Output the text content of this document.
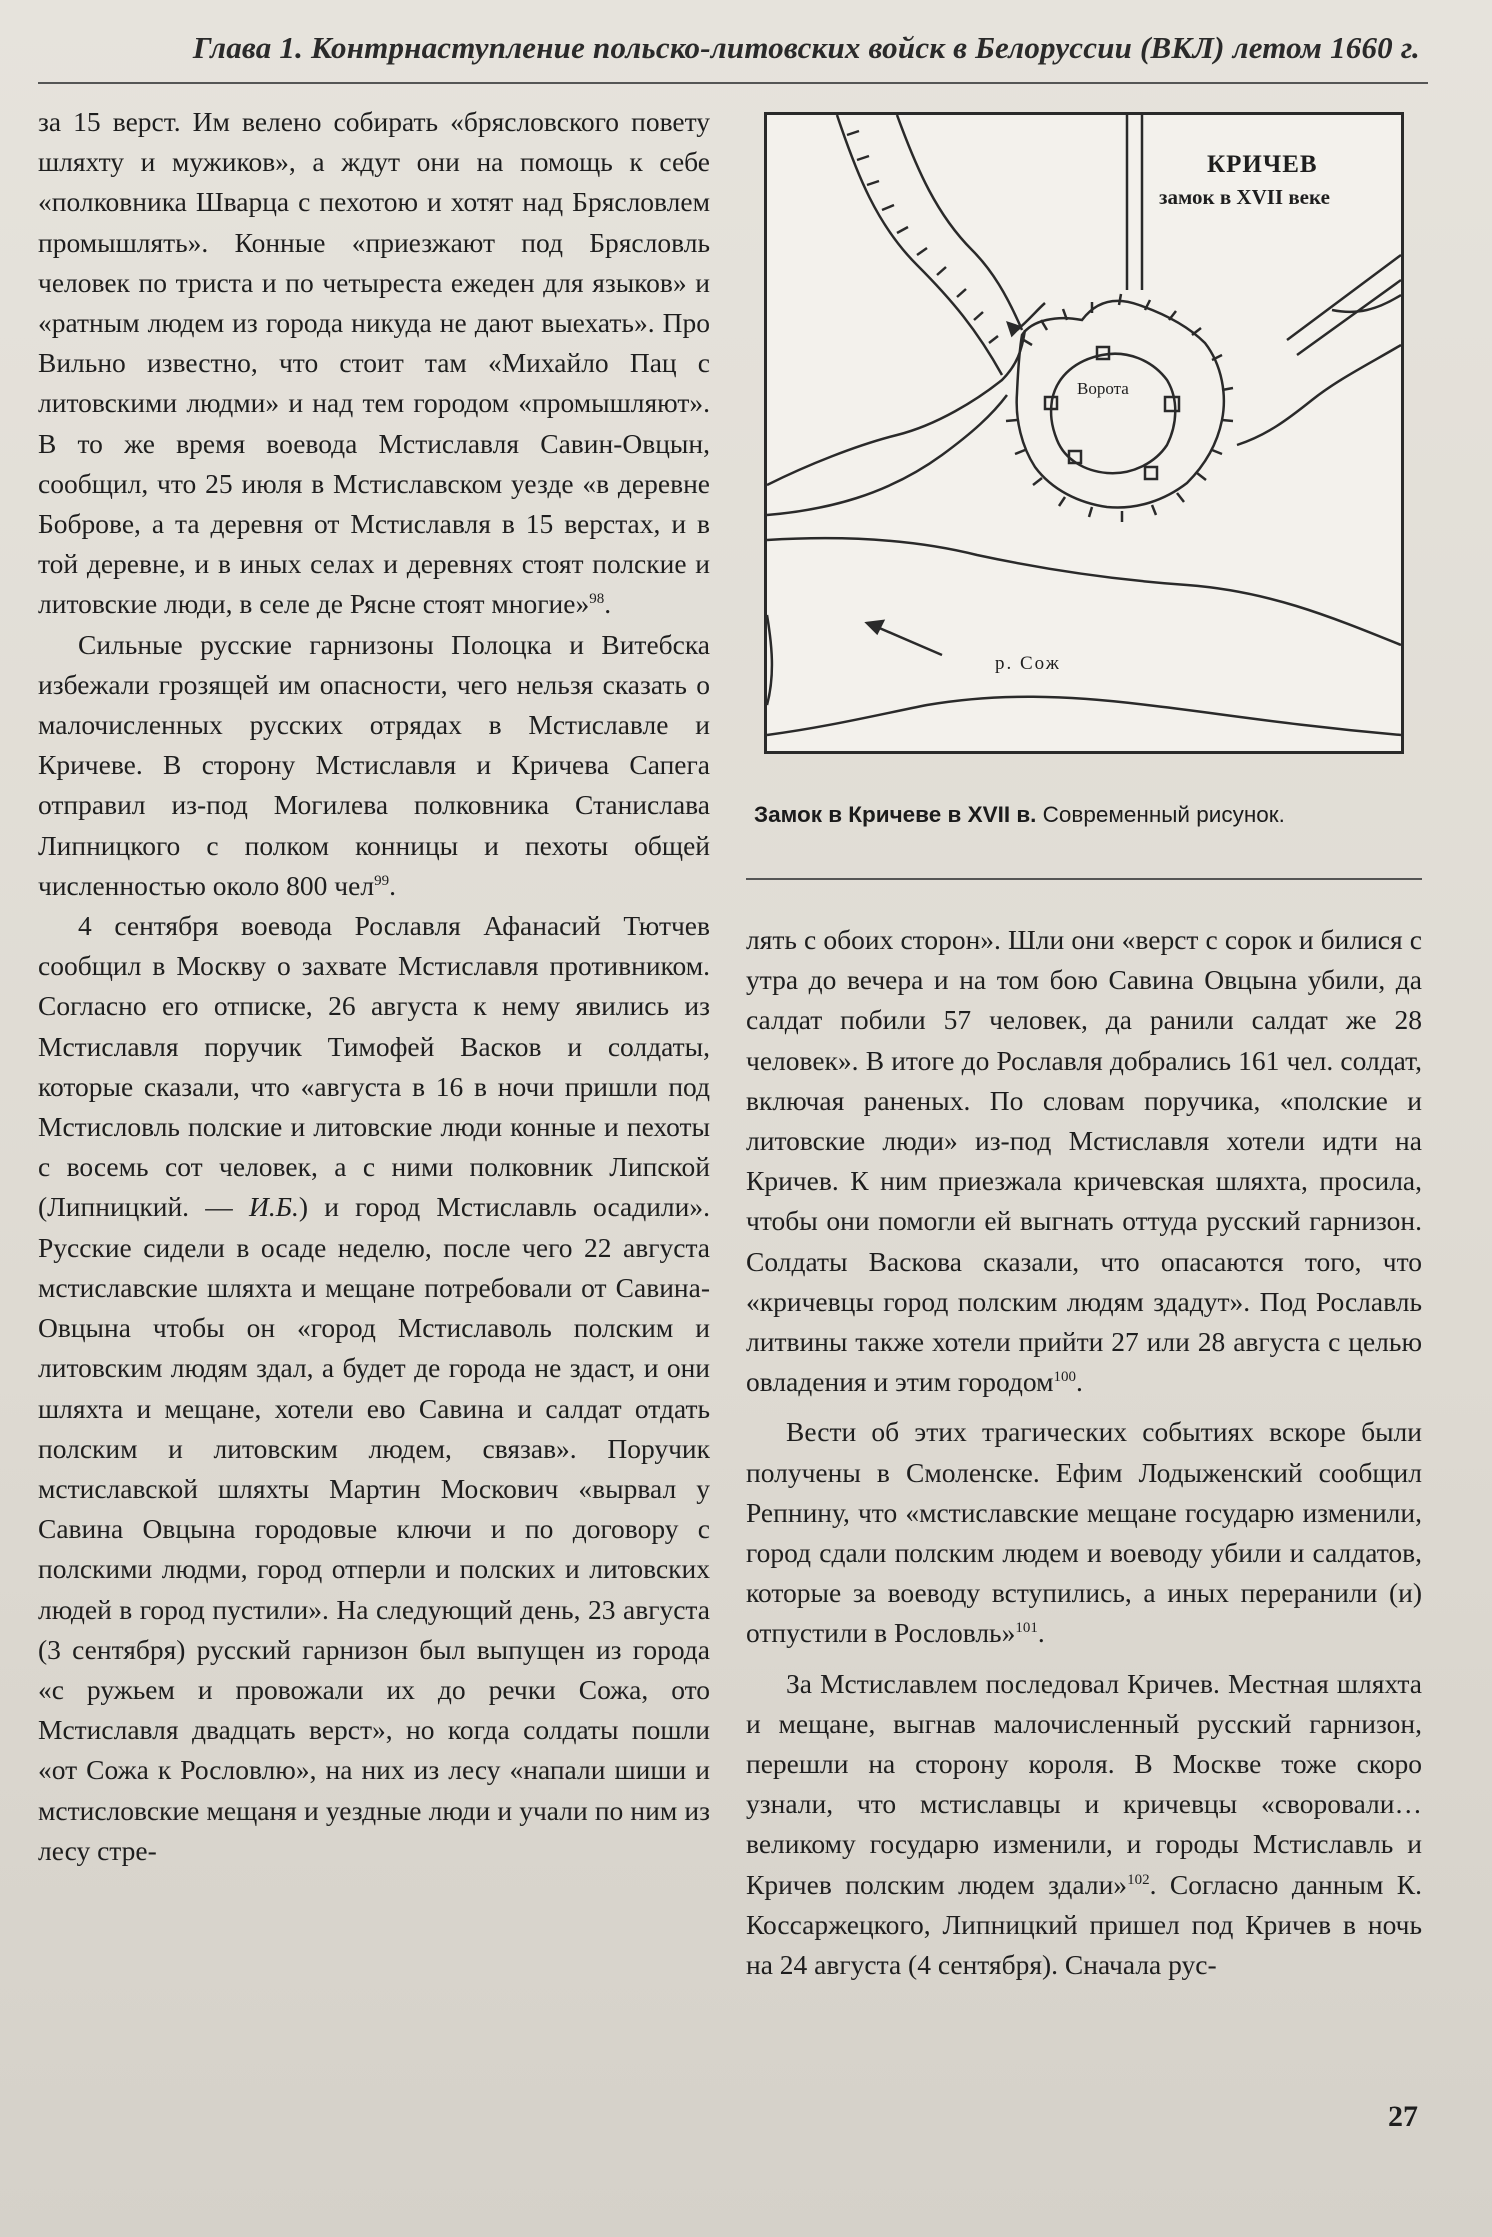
Глава 1. Контрнаступление польско-литовских войск в Белоруссии (ВКЛ) летом 1660 г.

за 15 верст. Им велено собирать «брясловского повету шляхту и мужиков», а ждут они на помощь к себе «полковника Шварца с пехотою и хотят над Брясловлем промышлять». Конные «приезжают под Брясловль человек по триста и по четыреста ежеден для языков» и «ратным людем из города никуда не дают выехать». Про Вильно известно, что стоит там «Михайло Пац с литовскими людми» и над тем городом «промышляют». В то же время воевода Мстиславля Савин-Овцын, сообщил, что 25 июля в Мстиславском уезде «в деревне Боброве, а та деревня от Мстиславля в 15 верстах, и в той деревне, и в иных селах и деревнях стоят полские и литовские люди, в селе де Рясне стоят многие»$^{98}$.

Сильные русские гарнизоны Полоцка и Витебска избежали грозящей им опасности, чего нельзя сказать о малочисленных русских отрядах в Мстиславле и Кричеве. В сторону Мстиславля и Кричева Сапега отправил из-под Могилева полковника Станислава Липницкого с полком конницы и пехоты общей численностью около 800 чел$^{99}$.

4 сентября воевода Рославля Афанасий Тютчев сообщил в Москву о захвате Мстиславля противником. Согласно его отписке, 26 августа к нему явились из Мстиславля поручик Тимофей Васков и солдаты, которые сказали, что «августа в 16 в ночи пришли под Мстисловль полские и литовские люди конные и пехоты с восемь сот человек, а с ними полковник Липской (Липницкий. — И.Б.) и город Мстиславль осадили». Русские сидели в осаде неделю, после чего 22 августа мстиславские шляхта и мещане потребовали от Савина-Овцына чтобы он «город Мстиславоль полским и литовским людям здал, а будет де города не здаст, и они шляхта и мещане, хотели ево Савина и салдат отдать полским и литовским людем, связав». Поручик мстиславской шляхты Мартин Москович «вырвал у Савина Овцына городовые ключи и по договору с полскими людми, город отперли и полских и литовских людей в город пустили». На следующий день, 23 августа (3 сентября) русский гарнизон был выпущен из города «с ружьем и провожали их до речки Сожа, ото Мстиславля двадцать верст», но когда солдаты пошли «от Сожа к Рословлю», на них из лесу «напали шиши и мстисловские мещаня и уездные люди и учали по ним из лесу стре-

КРИЧЕВ
замок в XVII веке
Ворота
р. Сож
Замок в Кричеве в XVII в. Современный рисунок.

лять с обоих сторон». Шли они «верст с сорок и билися с утра до вечера и на том бою Савина Овцына убили, да салдат побили 57 человек, да ранили салдат же 28 человек». В итоге до Рославля добрались 161 чел. солдат, включая раненых. По словам поручика, «полские и литовские люди» из-под Мстиславля хотели идти на Кричев. К ним приезжала кричевская шляхта, просила, чтобы они помогли ей выгнать оттуда русский гарнизон. Солдаты Васкова сказали, что опасаются того, что «кричевцы город полским людям здадут». Под Рославль литвины также хотели прийти 27 или 28 августа с целью овладения и этим городом$^{100}$.

Вести об этих трагических событиях вскоре были получены в Смоленске. Ефим Лодыженский сообщил Репнину, что «мстиславские мещане государю изменили, город сдали полским людем и воеводу убили и салдатов, которые за воеводу вступились, а иных переранили (и) отпустили в Рословль»$^{101}$.

За Мстиславлем последовал Кричев. Местная шляхта и мещане, выгнав малочисленный русский гарнизон, перешли на сторону короля. В Москве тоже скоро узнали, что мстиславцы и кричевцы «своровали… великому государю изменили, и городы Мстиславль и Кричев полским людем здали»$^{102}$. Согласно данным К. Коссаржецкого, Липницкий пришел под Кричев в ночь на 24 августа (4 сентября). Сначала рус-

27
